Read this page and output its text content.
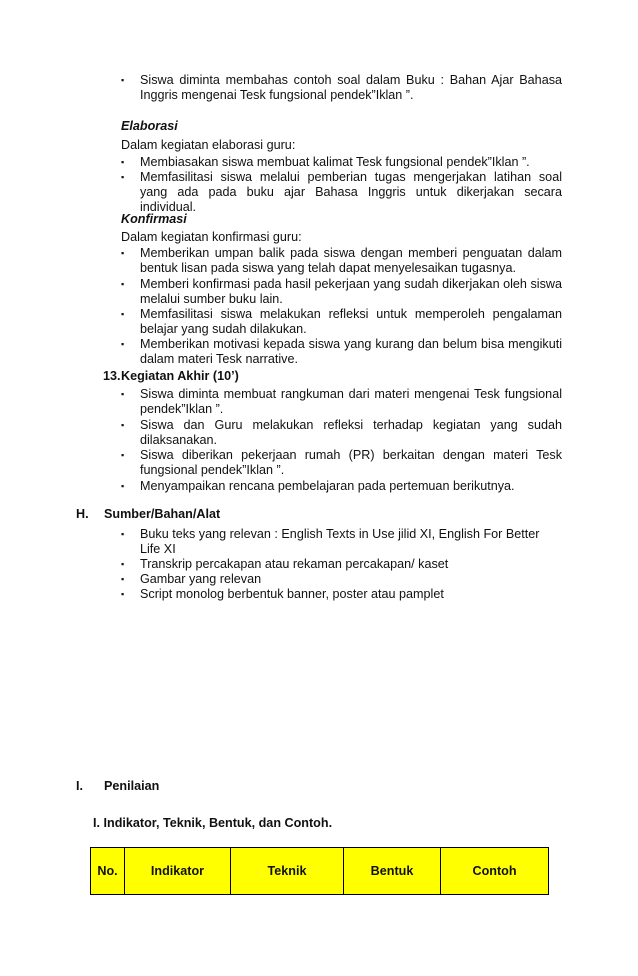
▪ Siswa diminta membahas contoh soal dalam Buku : Bahan Ajar Bahasa Inggris mengenai Tesk fungsional pendek”Iklan ”.
Elaborasi
Dalam kegiatan elaborasi guru:
▪ Membiasakan siswa membuat kalimat Tesk fungsional pendek”Iklan ”.
▪ Memfasilitasi siswa melalui pemberian tugas mengerjakan latihan soal yang ada pada buku ajar Bahasa Inggris untuk dikerjakan secara individual.
Konfirmasi
Dalam kegiatan konfirmasi guru:
▪ Memberikan umpan balik pada siswa dengan memberi penguatan dalam bentuk lisan pada siswa yang telah dapat menyelesaikan tugasnya.
▪ Memberi konfirmasi pada hasil pekerjaan yang sudah dikerjakan oleh siswa melalui sumber buku lain.
▪ Memfasilitasi siswa melakukan refleksi untuk memperoleh pengalaman belajar yang sudah dilakukan.
▪ Memberikan motivasi kepada siswa yang kurang dan belum bisa mengikuti dalam materi Tesk narrative.
13. Kegiatan Akhir (10’)
▪ Siswa diminta membuat rangkuman dari materi mengenai Tesk fungsional pendek”Iklan ”.
▪ Siswa dan Guru melakukan refleksi terhadap kegiatan yang sudah dilaksanakan.
▪ Siswa diberikan pekerjaan rumah (PR) berkaitan dengan materi Tesk fungsional pendek”Iklan ”.
▪ Menyampaikan rencana pembelajaran pada pertemuan berikutnya.
H. Sumber/Bahan/Alat
▪ Buku teks yang relevan : English Texts in Use jilid XI, English For Better Life XI
▪ Transkrip percakapan atau rekaman percakapan/ kaset
▪ Gambar yang relevan
▪ Script monolog berbentuk banner, poster atau pamplet
I. Penilaian
I. Indikator, Teknik, Bentuk, dan Contoh.
No.	Indikator	Teknik	Bentuk	Contoh
